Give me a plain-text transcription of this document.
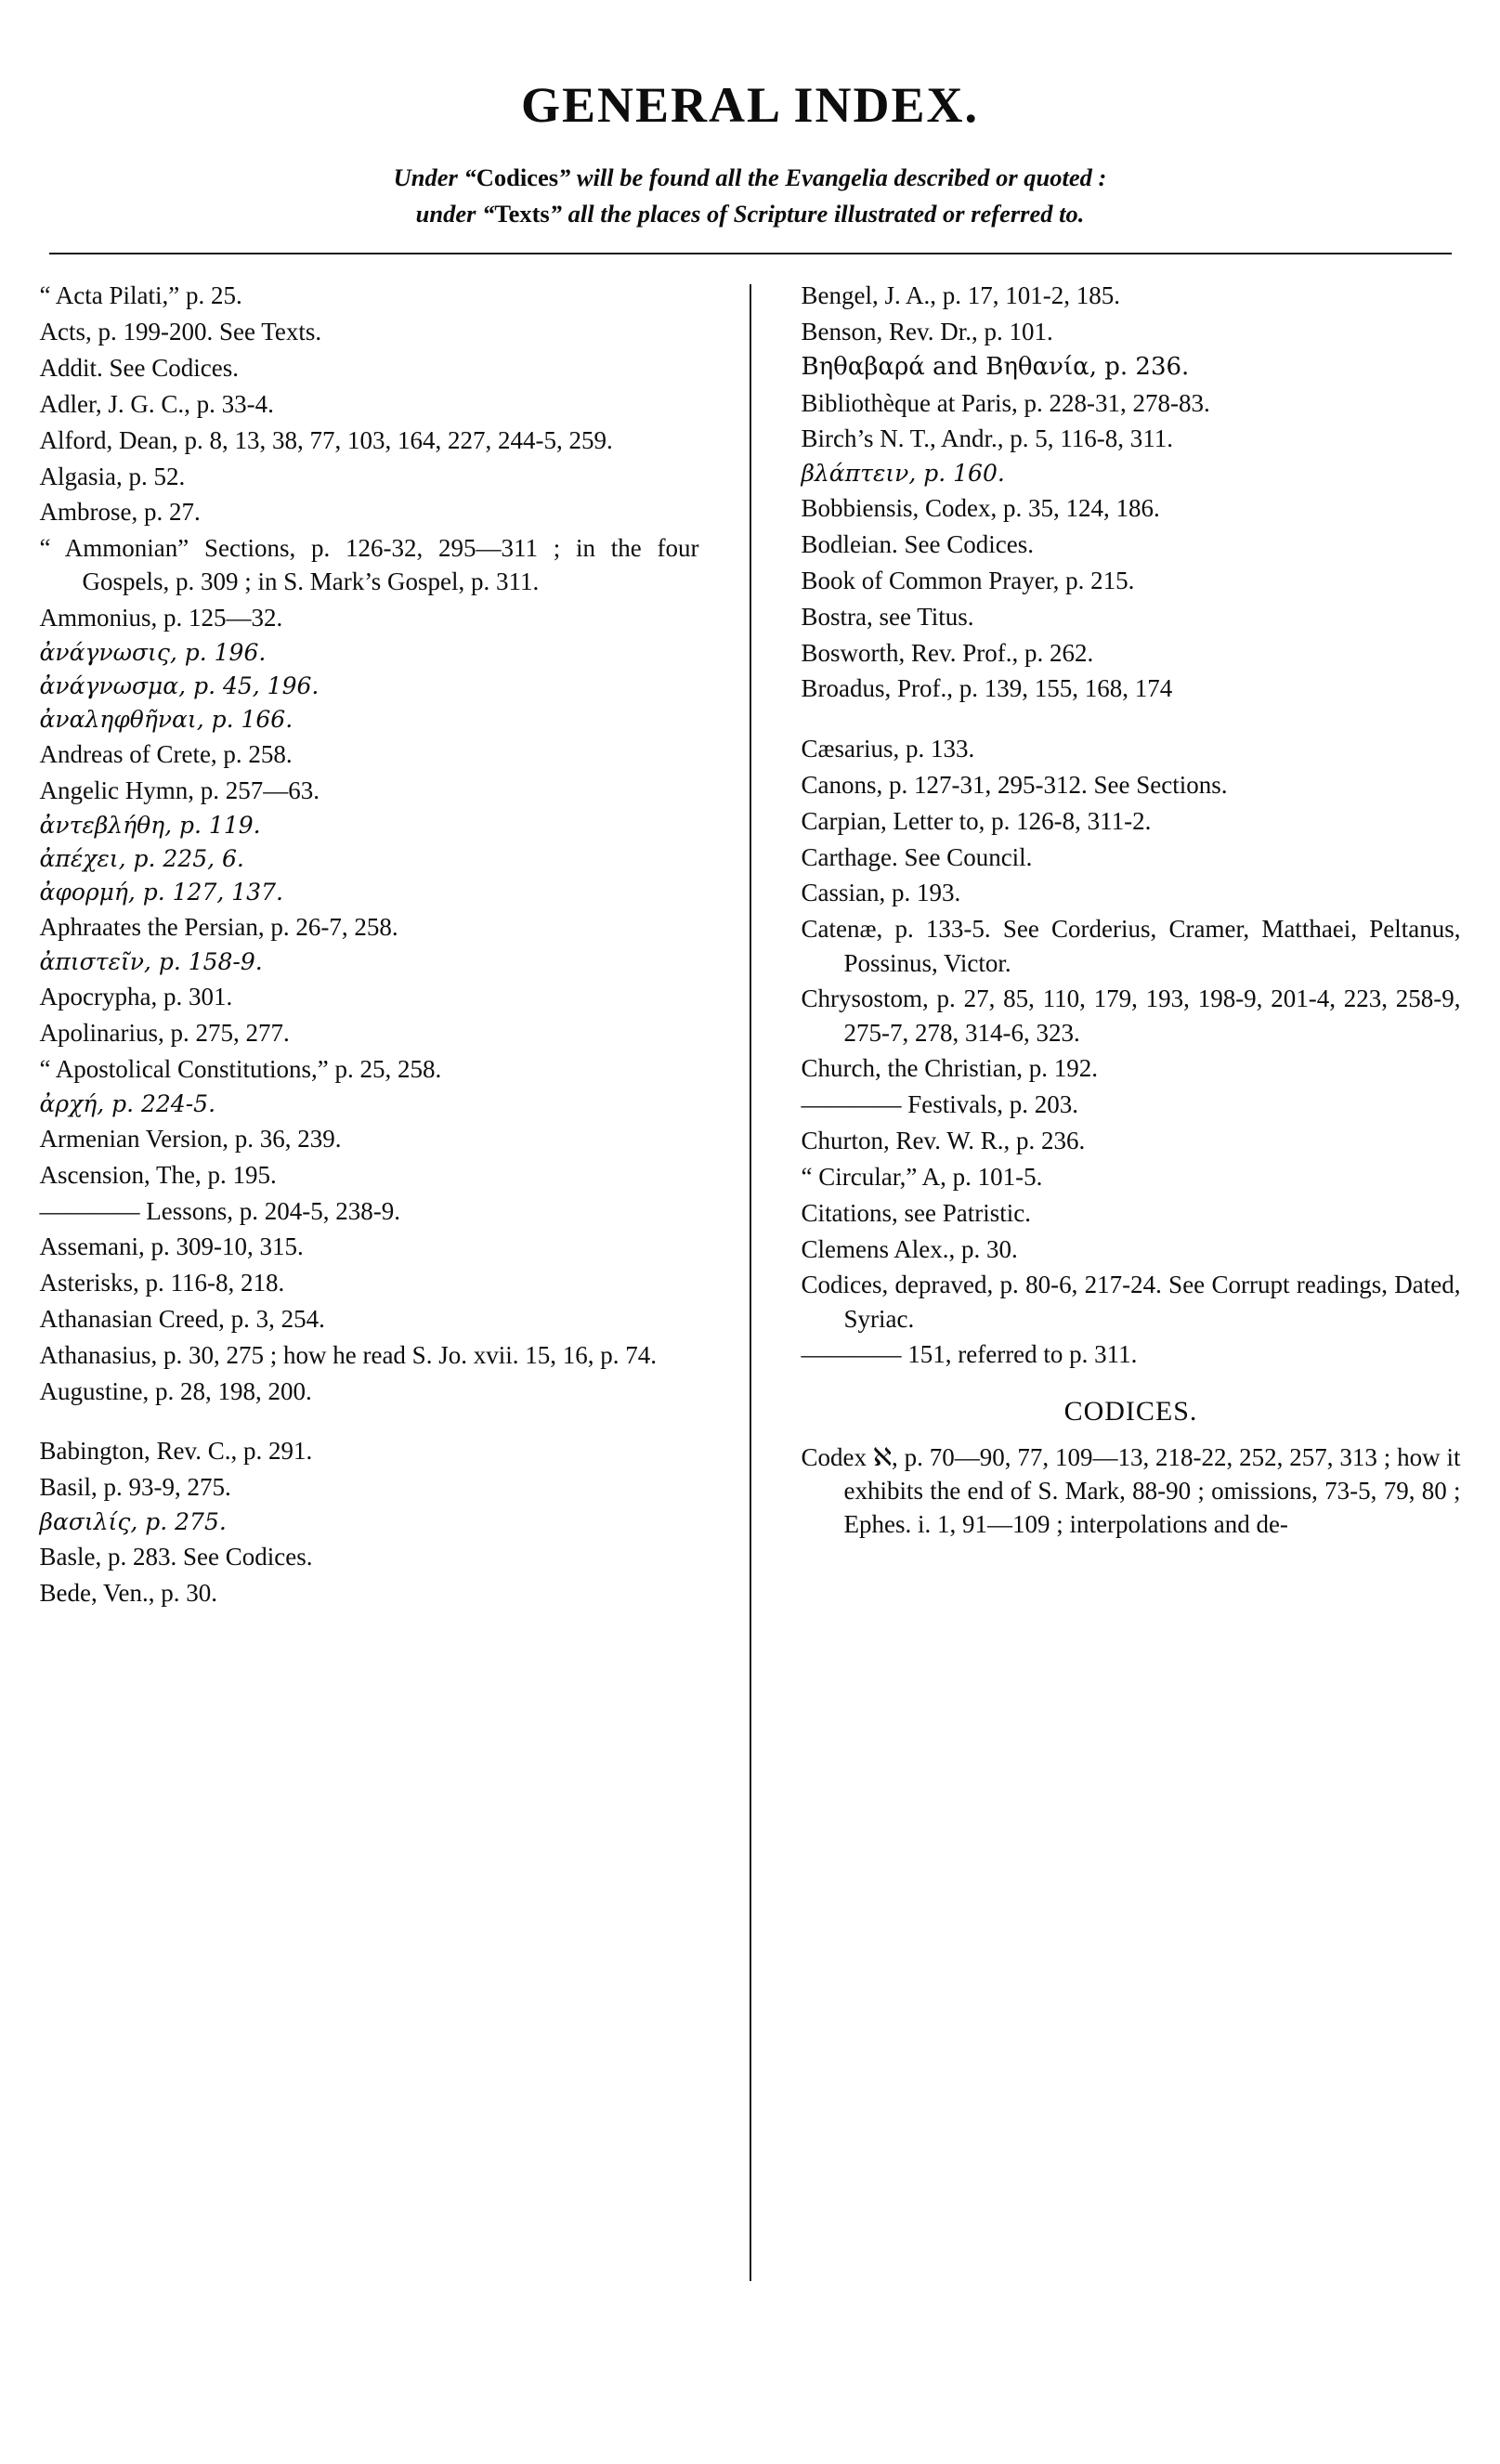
GENERAL INDEX.
Under “Codices” will be found all the Evangelia described or quoted :
under “Texts” all the places of Scripture illustrated or referred to.
“ Acta Pilati,” p. 25.
Acts, p. 199-200. See Texts.
Addit. See Codices.
Adler, J. G. C., p. 33-4.
Alford, Dean, p. 8, 13, 38, 77, 103, 164, 227, 244-5, 259.
Algasia, p. 52.
Ambrose, p. 27.
“ Ammonian” Sections, p. 126-32, 295—311 ; in the four Gospels, p. 309 ; in S. Mark’s Gospel, p. 311.
Ammonius, p. 125—32.
ἀνάγνωσις, p. 196.
ἀνάγνωσμα, p. 45, 196.
ἀναληφθῆναι, p. 166.
Andreas of Crete, p. 258.
Angelic Hymn, p. 257—63.
ἀντεβλήθη, p. 119.
ἀπέχει, p. 225, 6.
ἀφορμή, p. 127, 137.
Aphraates the Persian, p. 26-7, 258.
ἀπιστεῖν, p. 158-9.
Apocrypha, p. 301.
Apolinarius, p. 275, 277.
“ Apostolical Constitutions,” p. 25, 258.
ἀρχή, p. 224-5.
Armenian Version, p. 36, 239.
Ascension, The, p. 195.
———— Lessons, p. 204-5, 238-9.
Assemani, p. 309-10, 315.
Asterisks, p. 116-8, 218.
Athanasian Creed, p. 3, 254.
Athanasius, p. 30, 275 ; how he read S. Jo. xvii. 15, 16, p. 74.
Augustine, p. 28, 198, 200.
Babington, Rev. C., p. 291.
Basil, p. 93-9, 275.
βασιλίς, p. 275.
Basle, p. 283. See Codices.
Bede, Ven., p. 30.
Bengel, J. A., p. 17, 101-2, 185.
Benson, Rev. Dr., p. 101.
Βηθαβαρά and Βηθανία, p. 236.
Bibliothèque at Paris, p. 228-31, 278-83.
Birch’s N. T., Andr., p. 5, 116-8, 311.
βλάπτειν, p. 160.
Bobbiensis, Codex, p. 35, 124, 186.
Bodleian. See Codices.
Book of Common Prayer, p. 215.
Bostra, see Titus.
Bosworth, Rev. Prof., p. 262.
Broadus, Prof., p. 139, 155, 168, 174
Cæsarius, p. 133.
Canons, p. 127-31, 295-312. See Sections.
Carpian, Letter to, p. 126-8, 311-2.
Carthage. See Council.
Cassian, p. 193.
Catenæ, p. 133-5. See Corderius, Cramer, Matthaei, Peltanus, Possinus, Victor.
Chrysostom, p. 27, 85, 110, 179, 193, 198-9, 201-4, 223, 258-9, 275-7, 278, 314-6, 323.
Church, the Christian, p. 192.
———— Festivals, p. 203.
Churton, Rev. W. R., p. 236.
“ Circular,” A, p. 101-5.
Citations, see Patristic.
Clemens Alex., p. 30.
Codices, depraved, p. 80-6, 217-24. See Corrupt readings, Dated, Syriac.
———— 151, referred to p. 311.
CODICES.
Codex ℵ, p. 70—90, 77, 109—13, 218-22, 252, 257, 313 ; how it exhibits the end of S. Mark, 88-90 ; omissions, 73-5, 79, 80 ; Ephes. i. 1, 91—109 ; interpolations and de-
